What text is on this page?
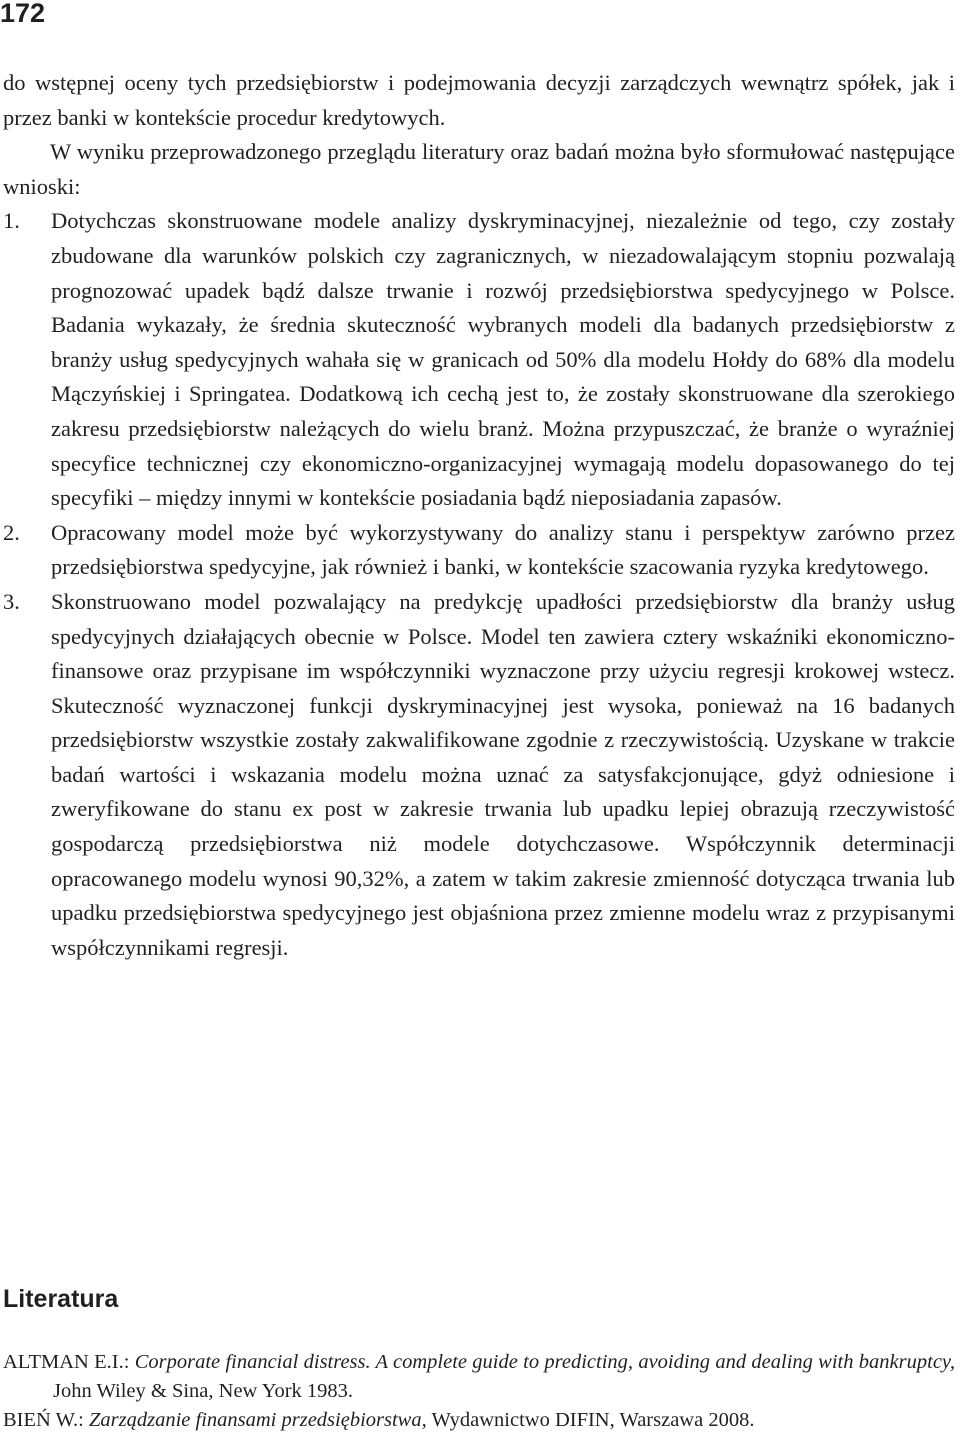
172

do wstępnej oceny tych przedsiębiorstw i podejmowania decyzji zarządczych wewnątrz spółek, jak i przez banki w kontekście procedur kredytowych.

W wyniku przeprowadzonego przeglądu literatury oraz badań można było sformułować następujące wnioski:

1. Dotychczas skonstruowane modele analizy dyskryminacyjnej, niezależnie od tego, czy zostały zbudowane dla warunków polskich czy zagranicznych, w niezadowalającym stopniu pozwalają prognozować upadek bądź dalsze trwanie i rozwój przedsiębiorstwa spedycyjnego w Polsce. Badania wykazały, że średnia skuteczność wybranych modeli dla badanych przedsiębiorstw z branży usług spedycyjnych wahała się w granicach od 50% dla modelu Hołdy do 68% dla modelu Mączyńskiej i Springatea. Dodatkową ich cechą jest to, że zostały skonstruowane dla szerokiego zakresu przedsiębiorstw należących do wielu branż. Można przypuszczać, że branże o wyraźniej specyfice technicznej czy ekonomiczno-organizacyjnej wymagają modelu dopasowanego do tej specyfiki – między innymi w kontekście posiadania bądź nieposiadania zapasów.
2. Opracowany model może być wykorzystywany do analizy stanu i perspektyw zarówno przez przedsiębiorstwa spedycyjne, jak również i banki, w kontekście szacowania ryzyka kredytowego.
3. Skonstruowano model pozwalający na predykcję upadłości przedsiębiorstw dla branży usług spedycyjnych działających obecnie w Polsce. Model ten zawiera cztery wskaźniki ekonomiczno-finansowe oraz przypisane im współczynniki wyznaczone przy użyciu regresji krokowej wstecz. Skuteczność wyznaczonej funkcji dyskryminacyjnej jest wysoka, ponieważ na 16 badanych przedsiębiorstw wszystkie zostały zakwalifikowane zgodnie z rzeczywistością. Uzyskane w trakcie badań wartości i wskazania modelu można uznać za satysfakcjonujące, gdyż odniesione i zweryfikowane do stanu ex post w zakresie trwania lub upadku lepiej obrazują rzeczywistość gospodarczą przedsiębiorstwa niż modele dotychczasowe. Współczynnik determinacji opracowanego modelu wynosi 90,32%, a zatem w takim zakresie zmienność dotycząca trwania lub upadku przedsiębiorstwa spedycyjnego jest objaśniona przez zmienne modelu wraz z przypisanymi współczynnikami regresji.
Literatura
ALTMAN E.I.: Corporate financial distress. A complete guide to predicting, avoiding and dealing with bankruptcy, John Wiley & Sina, New York 1983.
BIEŃ W.: Zarządzanie finansami przedsiębiorstwa, Wydawnictwo DIFIN, Warszawa 2008.
